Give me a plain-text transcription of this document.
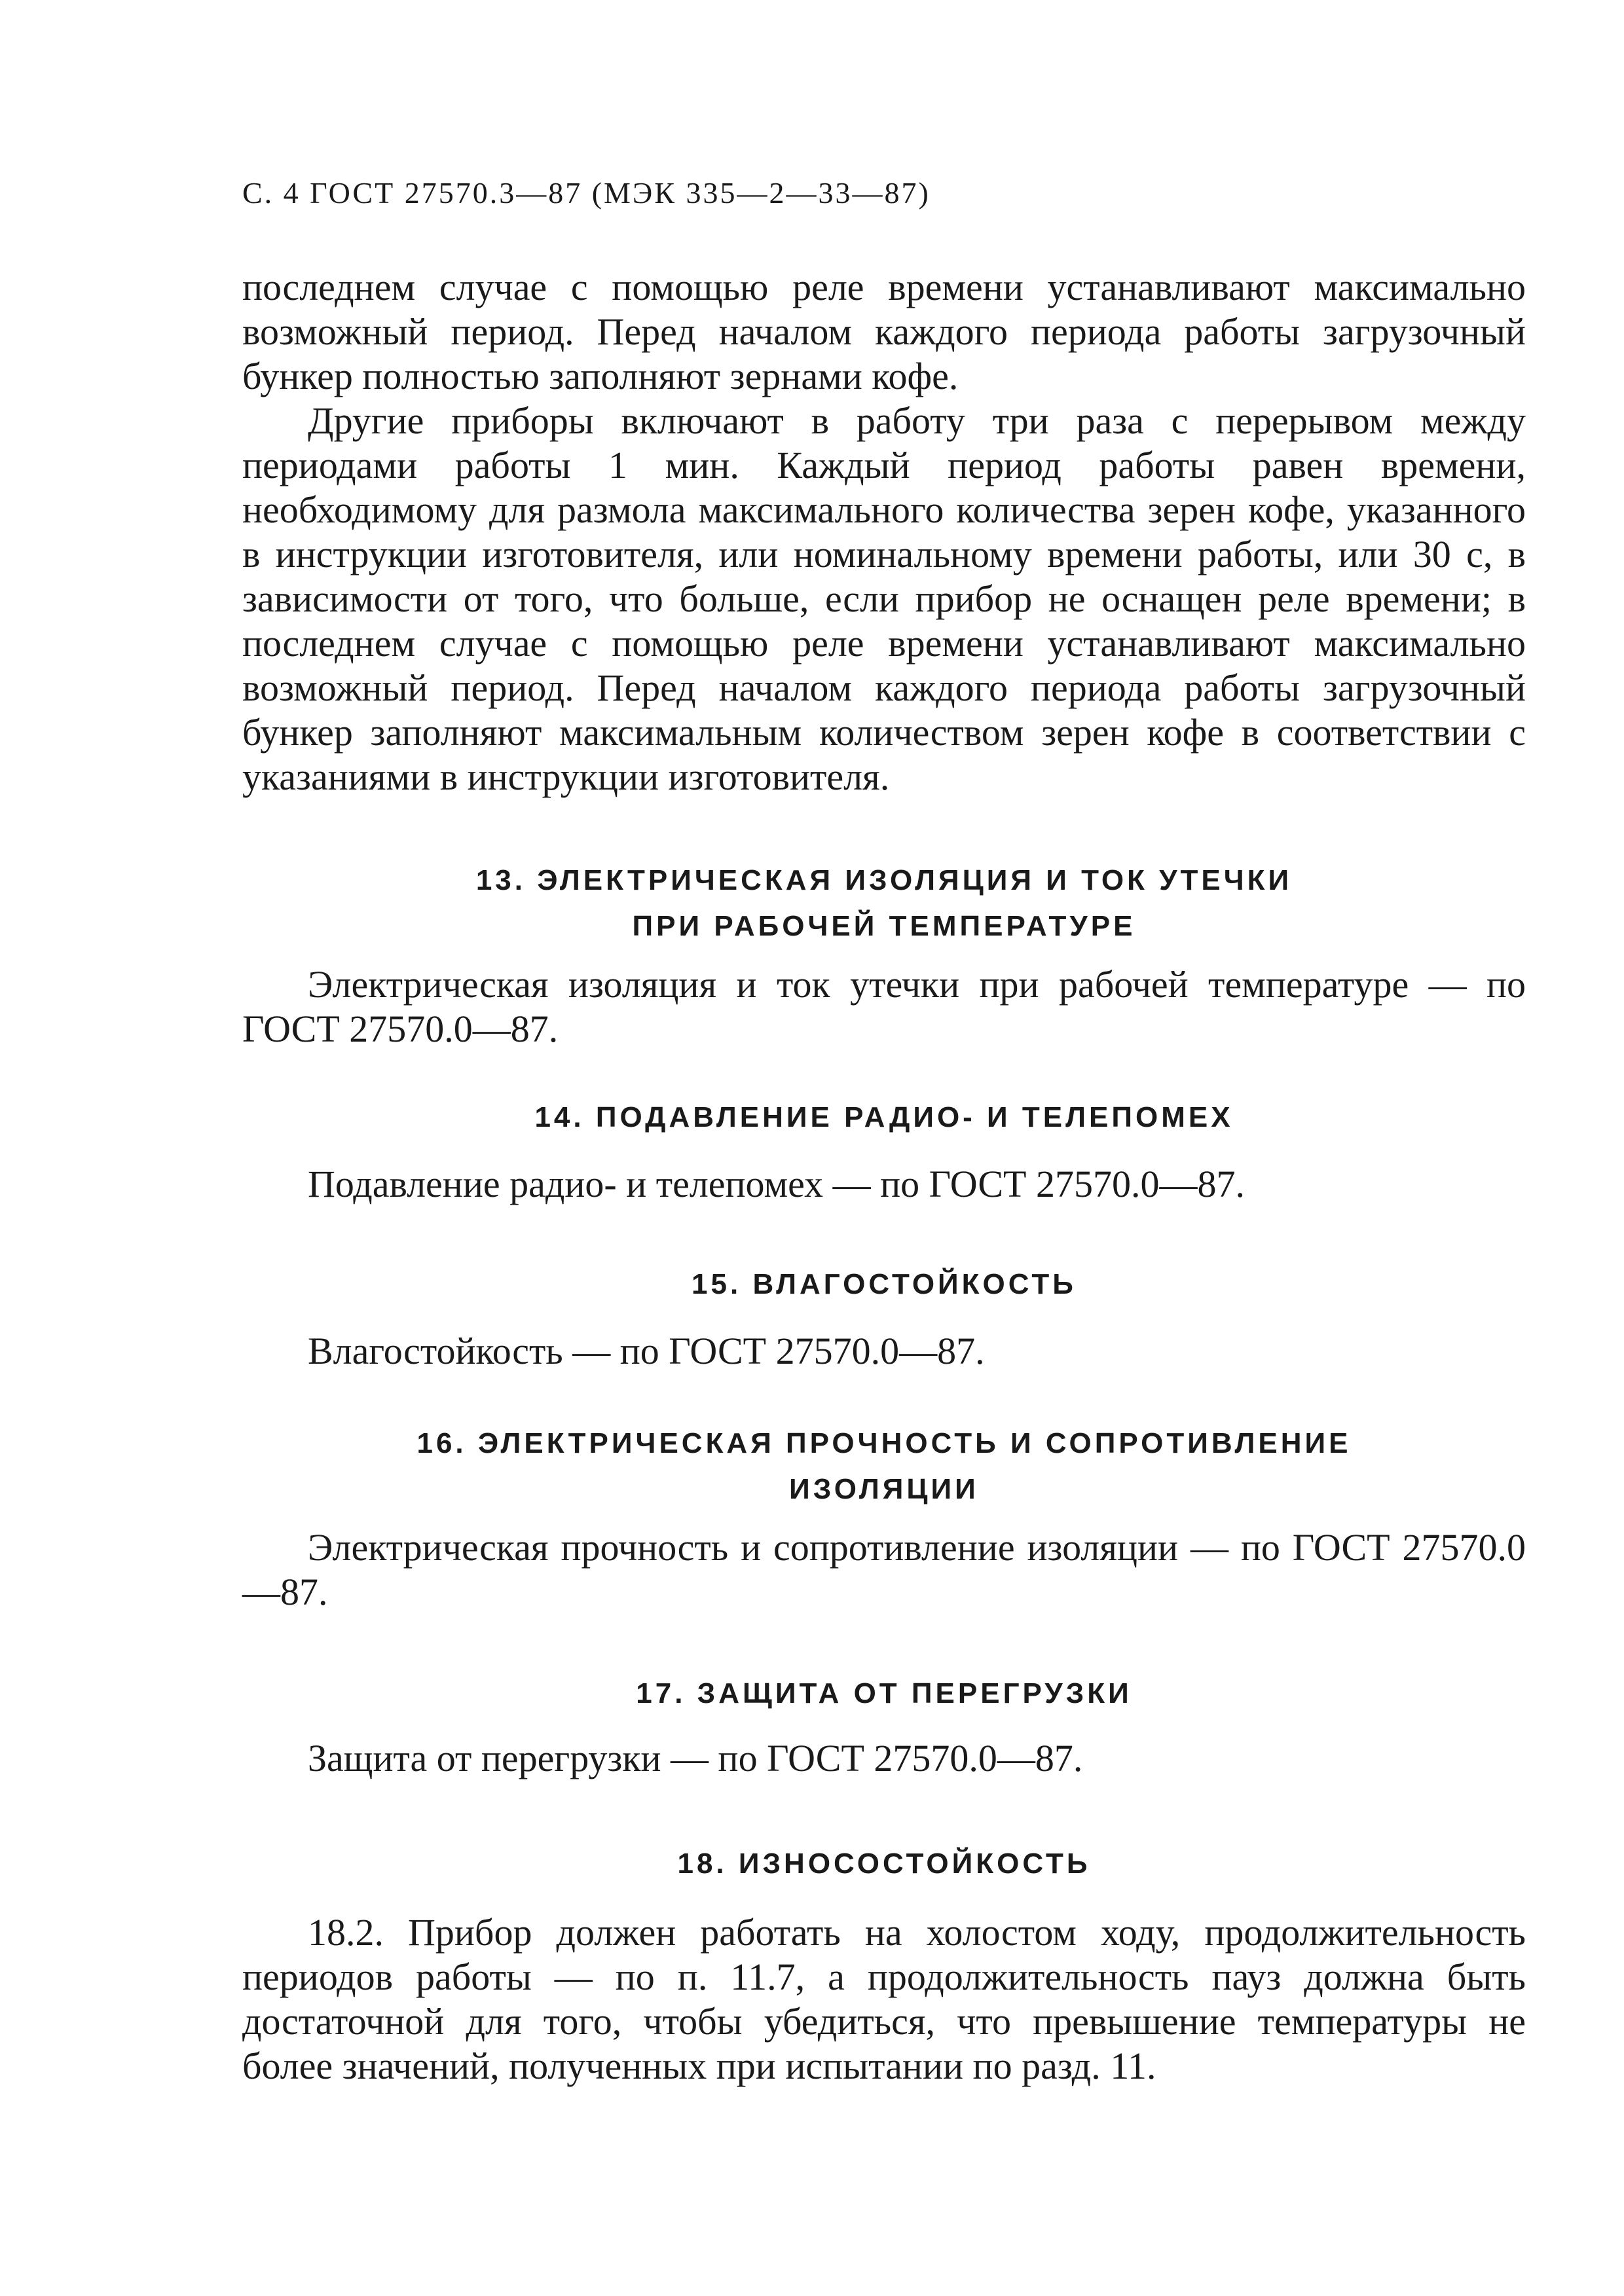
С. 4 ГОСТ 27570.3—87 (МЭК 335—2—33—87)

последнем случае с помощью реле времени устанавливают максимально возможный период. Перед началом каждого периода работы загрузочный бункер полностью заполняют зернами кофе.

Другие приборы включают в работу три раза с перерывом между периодами работы 1 мин. Каждый период работы равен времени, необходимому для размола максимального количества зерен кофе, указанного в инструкции изготовителя, или номинальному времени работы, или 30 с, в зависимости от того, что больше, если прибор не оснащен реле времени; в последнем случае с помощью реле времени устанавливают максимально возможный период. Перед началом каждого периода работы загрузочный бункер заполняют максимальным количеством зерен кофе в соответствии с указаниями в инструкции изготовителя.

13. ЭЛЕКТРИЧЕСКАЯ ИЗОЛЯЦИЯ И ТОК УТЕЧКИ
ПРИ РАБОЧЕЙ ТЕМПЕРАТУРЕ

Электрическая изоляция и ток утечки при рабочей температуре — по ГОСТ 27570.0—87.

14. ПОДАВЛЕНИЕ РАДИО- И ТЕЛЕПОМЕХ

Подавление радио- и телепомех — по ГОСТ 27570.0—87.

15. ВЛАГОСТОЙКОСТЬ

Влагостойкость — по ГОСТ 27570.0—87.

16. ЭЛЕКТРИЧЕСКАЯ ПРОЧНОСТЬ И СОПРОТИВЛЕНИЕ
ИЗОЛЯЦИИ

Электрическая прочность и сопротивление изоляции — по ГОСТ 27570.0—87.

17. ЗАЩИТА ОТ ПЕРЕГРУЗКИ

Защита от перегрузки — по ГОСТ 27570.0—87.

18. ИЗНОСОСТОЙКОСТЬ

18.2. Прибор должен работать на холостом ходу, продолжительность периодов работы — по п. 11.7, а продолжительность пауз должна быть достаточной для того, чтобы убедиться, что превышение температуры не более значений, полученных при испытании по разд. 11.
